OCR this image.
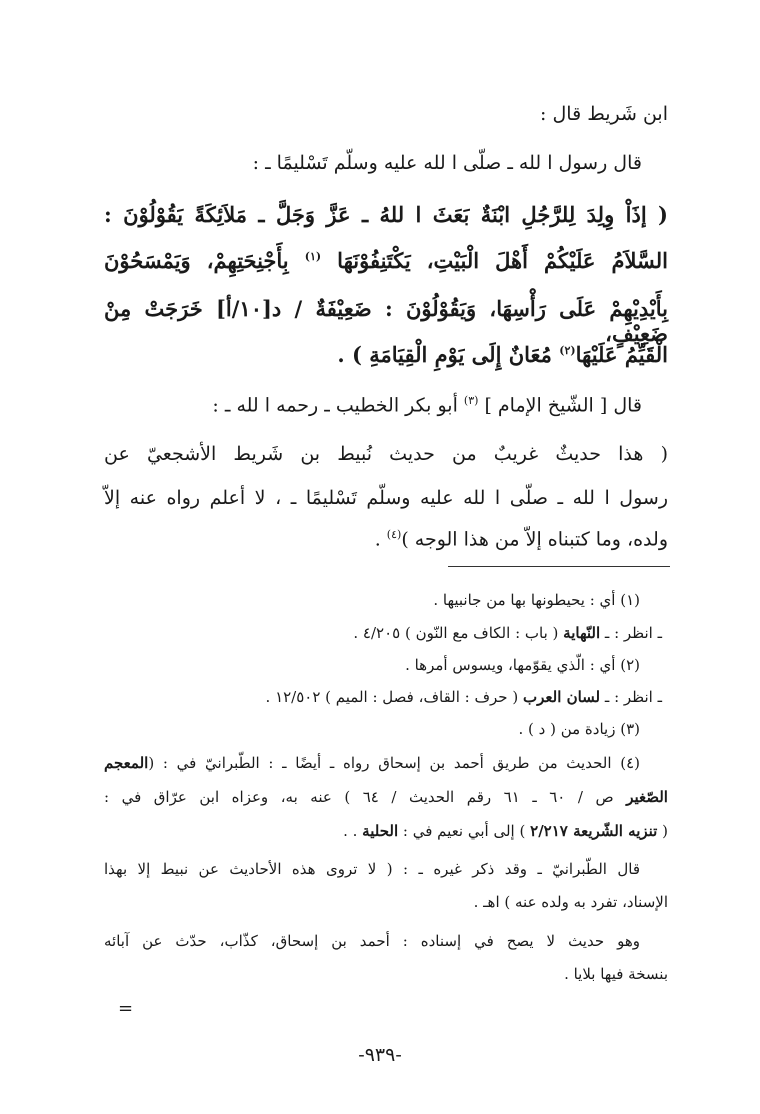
ابن شَريط قال :

قال رسول ا لله ـ صلّى ا لله عليه وسلّم تَسْليمًا ـ :

( إذَاْ وِلِدَ لِلرَّجُلِ ابْنَةٌ بَعَثَ ا للهُ ـ عَزَّ وَجَلَّ ـ مَلاَئِكَةً يَقُوْلُوْنَ :

السَّلاَمُ عَلَيْكُمْ أَهْلَ الْبَيْتِ، يَكْتَنِفُوْنَهَا $^{(١)}$ بِأَجْنِحَتِهِمْ، وَيَمْسَحُوْنَ

بِأَيْدِيْهِمْ عَلَى رَأْسِهَا، وَيَقُوْلُوْنَ : ضَعِيْفَةٌ / د[١٠/أ] خَرَجَتْ مِنْ ضَعِيْفٍ،

الْقَيِّمُ عَلَيْهَا$^{(٢)}$ مُعَانٌ إِلَى يَوْمِ الْقِيَامَةِ ) .

قال [ الشّيخ الإمام ] $^{(٣)}$ أبو بكر الخطيب ـ رحمه ا لله ـ :

( هذا حديثٌ غريبٌ من حديث نُبيط بن شَريط الأشجعيّ عن

رسول ا لله ـ صلّى ا لله عليه وسلّم تَسْليمًا ـ ، لا أعلم رواه عنه إلاّ

ولده، وما كتبناه إلاّ من هذا الوجه )$^{(٤)}$ .

(١) أي : يحيطونها بها من جانبيها .

ـ انظر : ـ النّهاية ( باب : الكاف مع النّون ) ٤/٢٠٥ .

(٢) أي : الّذي يقوّمها، ويسوس أمرها .

ـ انظر : ـ لسان العرب ( حرف : القاف، فصل : الميم ) ١٢/٥٠٢ .

(٣) زيادة من ( د ) .

(٤) الحديث من طريق أحمد بن إسحاق رواه ـ أيضًا ـ : الطّبرانيّ في : (المعجم

الصّغير ص / ٦٠ ـ ٦١ رقم الحديث / ٦٤ ) عنه به، وعزاه ابن عرّاق في :

( تنزيه الشّريعة ٢/٢١٧ ) إلى أبي نعيم في : الحلية . .

قال الطّبرانيّ ـ وقد ذكر غيره ـ : ( لا تروى هذه الأحاديث عن نبيط إلا بهذا

الإسناد، تفرد به ولده عنه ) اهـ .

وهو حديث لا يصح في إسناده : أحمد بن إسحاق، كذّاب، حدّث عن آبائه

بنسخة فيها بلايا .

=
-٩٣٩-
